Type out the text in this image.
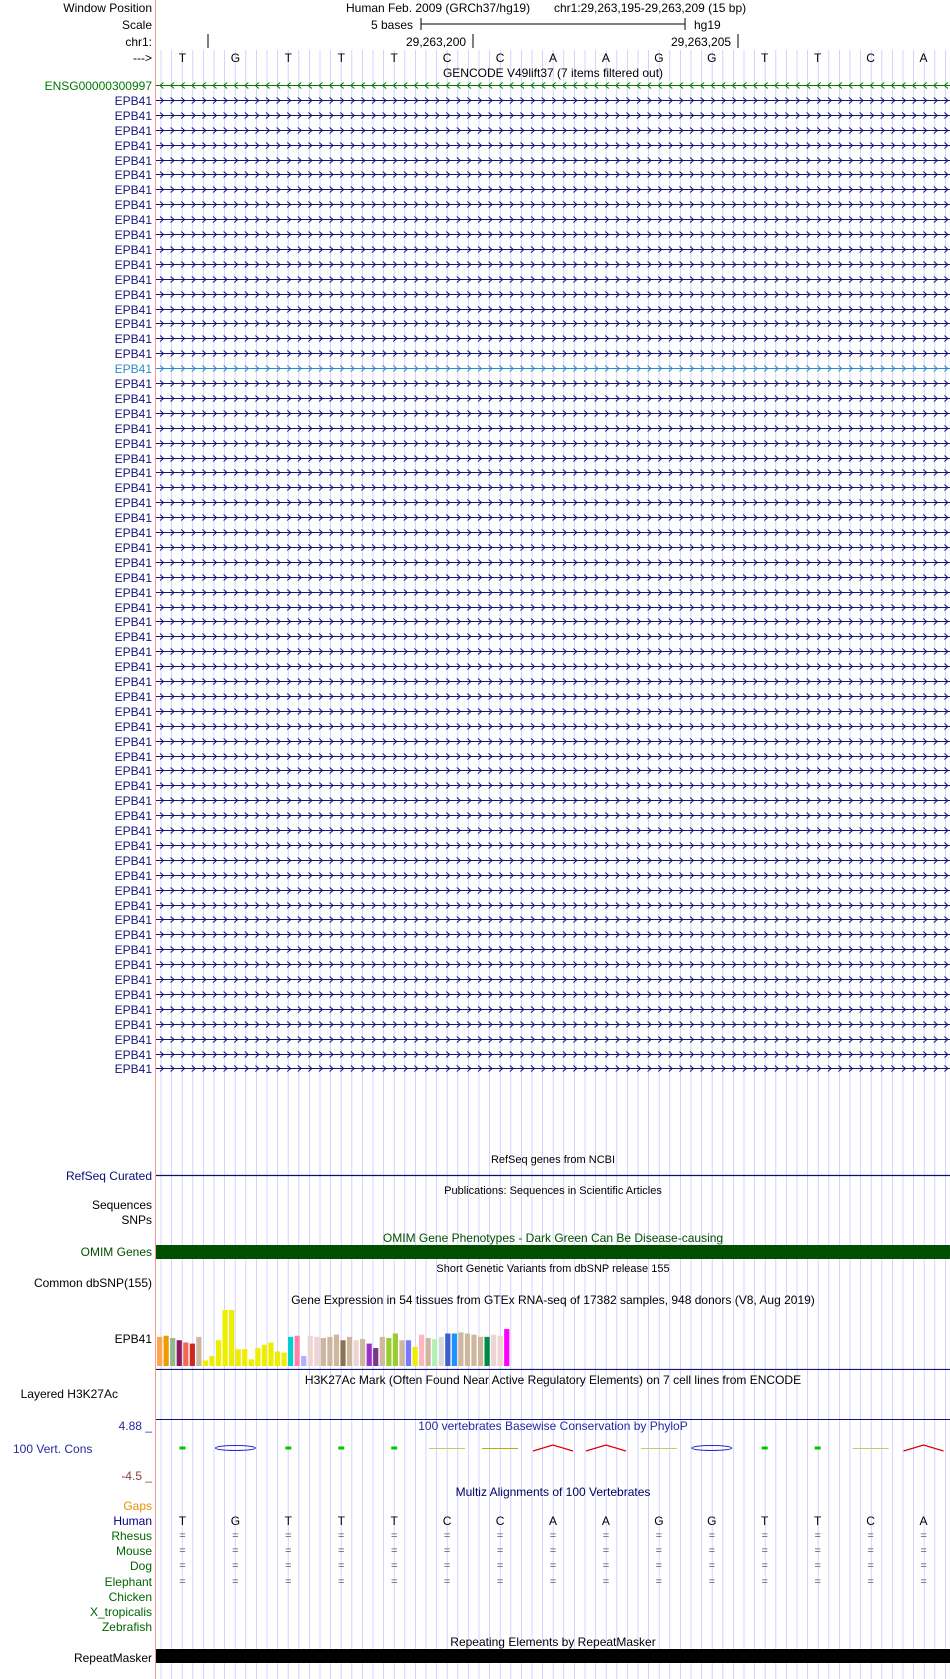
Window Position	Human Feb. 2009 (GRCh37/hg19) chr1:29,263,195-29,263,209 (15 bp)
Scale	5 bases	hg19
chr1:	29,263,200	29,263,205
---> T	G	T	T	T	C	C	A	A	G	G	T	T	C	A
GENCODE V49lift37 (7 items filtered out)
ENSG00000300997
EPB41
EPB41
EPB41
EPB41
EPB41
EPB41
EPB41
EPB41
EPB41
EPB41
EPB41
EPB41
EPB41
EPB41
EPB41
EPB41
EPB41
EPB41
EPB41
EPB41
EPB41
EPB41
EPB41
EPB41
EPB41
EPB41
EPB41
EPB41
EPB41
EPB41
EPB41
EPB41
EPB41
EPB41
EPB41
EPB41
EPB41
EPB41
EPB41
EPB41
EPB41
EPB41
EPB41
EPB41
EPB41
EPB41
EPB41
EPB41
EPB41
EPB41
EPB41
EPB41
EPB41
EPB41
EPB41
EPB41
EPB41
EPB41
EPB41
EPB41
EPB41
EPB41
EPB41
EPB41
EPB41
EPB41
RefSeq genes from NCBI
RefSeq Curated
Publications: Sequences in Scientific Articles
Sequences
SNPs
OMIM Gene Phenotypes - Dark Green Can Be Disease-causing
OMIM Genes
Short Genetic Variants from dbSNP release 155
Common dbSNP(155)
Gene Expression in 54 tissues from GTEx RNA-seq of 17382 samples, 948 donors (V8, Aug 2019)
EPB41
H3K27Ac Mark (Often Found Near Active Regulatory Elements) on 7 cell lines from ENCODE
Layered H3K27Ac
100 vertebrates Basewise Conservation by PhyloP
4.88 _
100 Vert. Cons
-4.5 _
Multiz Alignments of 100 Vertebrates
Gaps
Human T	G	T	T	T	C	C	A	A	G	G	T	T	C	A
Rhesus =	=	=	=	=	=	=	=	=	=	=	=	=	=	=
Mouse =	=	=	=	=	=	=	=	=	=	=	=	=	=	=
Dog =	=	=	=	=	=	=	=	=	=	=	=	=	=	=
Elephant =	=	=	=	=	=	=	=	=	=	=	=	=	=	=
Chicken
X_tropicalis
Zebrafish
Repeating Elements by RepeatMasker
RepeatMasker
